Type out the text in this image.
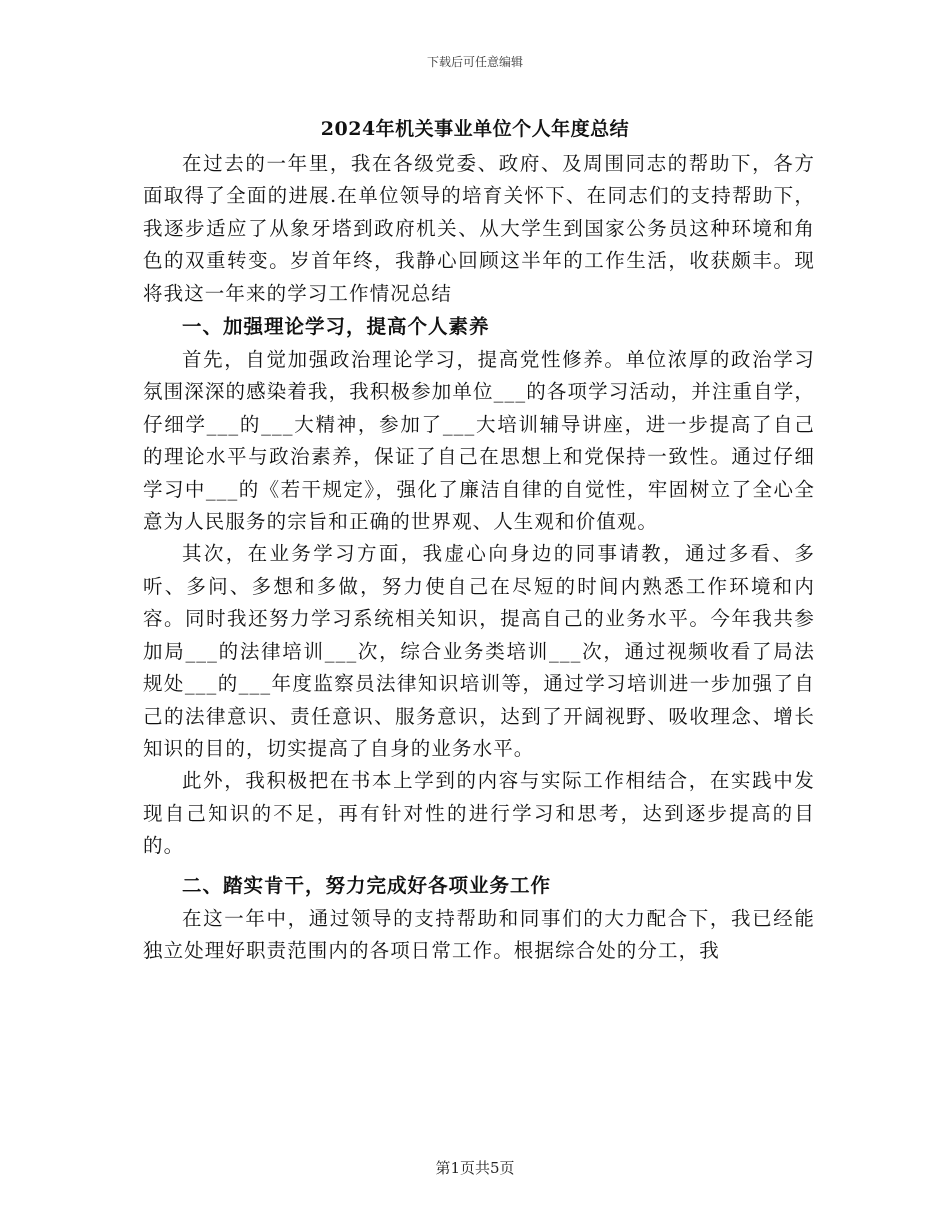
下载后可任意编辑
2024年机关事业单位个人年度总结

在过去的一年里，我在各级党委、政府、及周围同志的帮助下，各方面取得了全面的进展.在单位领导的培育关怀下、在同志们的支持帮助下，我逐步适应了从象牙塔到政府机关、从大学生到国家公务员这种环境和角色的双重转变。岁首年终，我静心回顾这半年的工作生活，收获颇丰。现将我这一年来的学习工作情况总结

一、加强理论学习，提高个人素养

首先，自觉加强政治理论学习，提高党性修养。单位浓厚的政治学习氛围深深的感染着我，我积极参加单位___的各项学习活动，并注重自学，仔细学___的___大精神，参加了___大培训辅导讲座，进一步提高了自己的理论水平与政治素养，保证了自己在思想上和党保持一致性。通过仔细学习中___的《若干规定》，强化了廉洁自律的自觉性，牢固树立了全心全意为人民服务的宗旨和正确的世界观、人生观和价值观。

其次，在业务学习方面，我虚心向身边的同事请教，通过多看、多听、多问、多想和多做，努力使自己在尽短的时间内熟悉工作环境和内容。同时我还努力学习系统相关知识，提高自己的业务水平。今年我共参加局___的法律培训___次，综合业务类培训___次，通过视频收看了局法规处___的___年度监察员法律知识培训等，通过学习培训进一步加强了自己的法律意识、责任意识、服务意识，达到了开阔视野、吸收理念、增长知识的目的，切实提高了自身的业务水平。

此外，我积极把在书本上学到的内容与实际工作相结合，在实践中发现自己知识的不足，再有针对性的进行学习和思考，达到逐步提高的目的。

二、踏实肯干，努力完成好各项业务工作

在这一年中，通过领导的支持帮助和同事们的大力配合下，我已经能独立处理好职责范围内的各项日常工作。根据综合处的分工，我

第1页共5页
